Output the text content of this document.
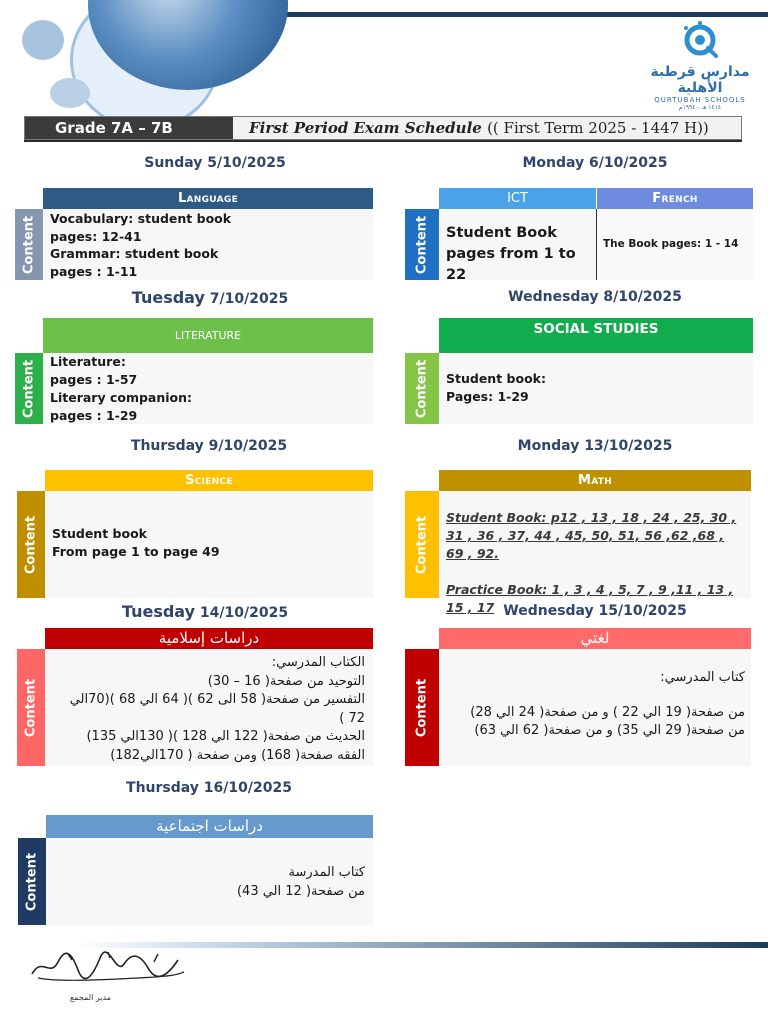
مدارس قرطبة الأهلية
QURTUBAH SCHOOLS
١٤١٤ هـ - ١٩٩٤م
Grade 7A – 7B	First Period Exam Schedule (( First Term 2025 - 1447 H))
Sunday 5/10/2025	Monday 6/10/2025
Tuesday 7/10/2025	Wednesday 8/10/2025
Thursday 9/10/2025	Monday 13/10/2025
Tuesday 14/10/2025	Wednesday 15/10/2025
Thursday 16/10/2025
Language
Content Vocabulary: student book
pages: 12-41
Grammar: student book
pages : 1-11
ICT	French
Content Student Book
pages from 1 to 22
The Book pages: 1 - 14
LITERATURE
Content Literature:
pages : 1-57
Literary companion:
pages : 1-29
SOCIAL STUDIES
Content Student book:
Pages: 1-29
Science
Content Student book
From page 1 to page 49
Math
Content Student Book: p12 , 13 , 18 , 24 , 25, 30 , 31 , 36 , 37, 44 , 45, 50, 51, 56 ,62 ,68 , 69 , 92.
Practice Book: 1 , 3 , 4 , 5, 7 , 9 ,11 , 13 , 15 , 17
دراسات إسلامية
Content
الكتاب المدرسي:
التوحيد من صفحة( 16 – 30)
التفسير من صفحة( 58 الى 62 )( 64 الي 68 )(70الي 72 )
الحديث من صفحة( 122 الي 128 )( 130الي 135)
الفقه صفحة( 168) ومن صفحة ( 170الي182)
لغتي
Content
كتاب المدرسي:
من صفحة( 19 الي 22 ) و من صفحة( 24 الي 28)
من صفحة( 29 الي 35) و من صفحة( 62 الي 63)
دراسات اجتماعية
Content	كتاب المدرسة
من صفحة( 12 الي 43)
مدير المجمع
